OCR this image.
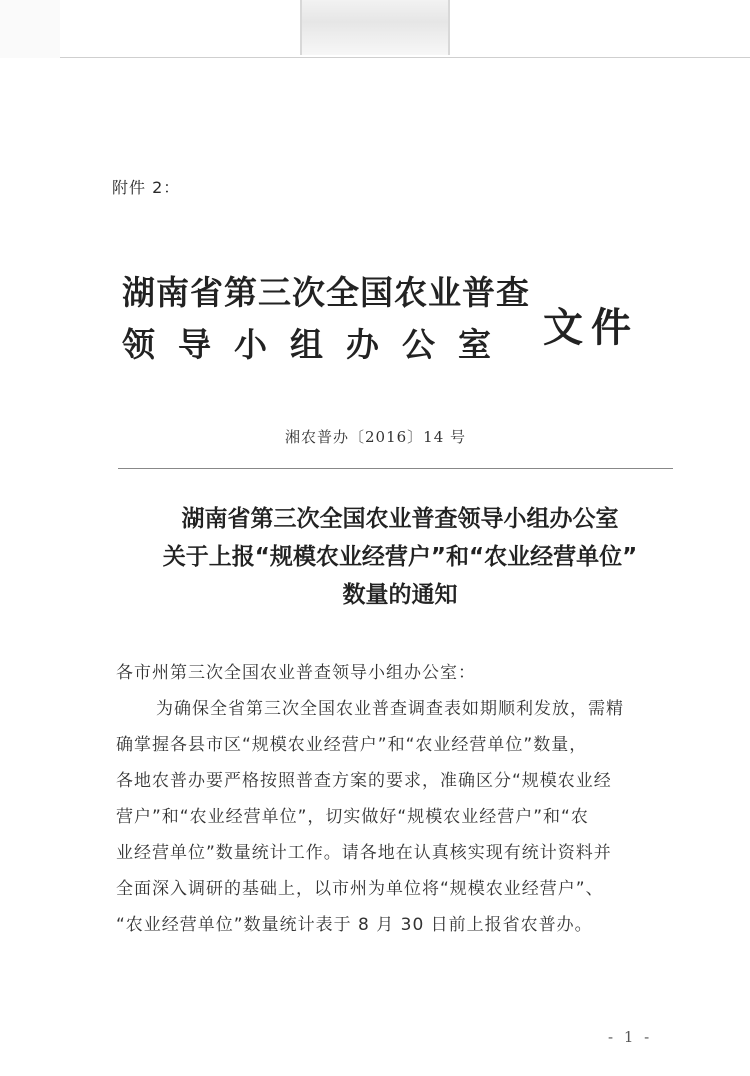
附件 2：
湖南省第三次全国农业普查
领 导 小 组 办 公 室	文件
湘农普办〔2016〕14 号
湖南省第三次全国农业普查领导小组办公室
关于上报“规模农业经营户”和“农业经营单位”
数量的通知
各市州第三次全国农业普查领导小组办公室：
为确保全省第三次全国农业普查调查表如期顺利发放，需精
确掌握各县市区“规模农业经营户”和“农业经营单位”数量，
各地农普办要严格按照普查方案的要求，准确区分“规模农业经
营户”和“农业经营单位”，切实做好“规模农业经营户”和“农
业经营单位”数量统计工作。请各地在认真核实现有统计资料并
全面深入调研的基础上，以市州为单位将“规模农业经营户”、
“农业经营单位”数量统计表于 8 月 30 日前上报省农普办。
- 1 -
